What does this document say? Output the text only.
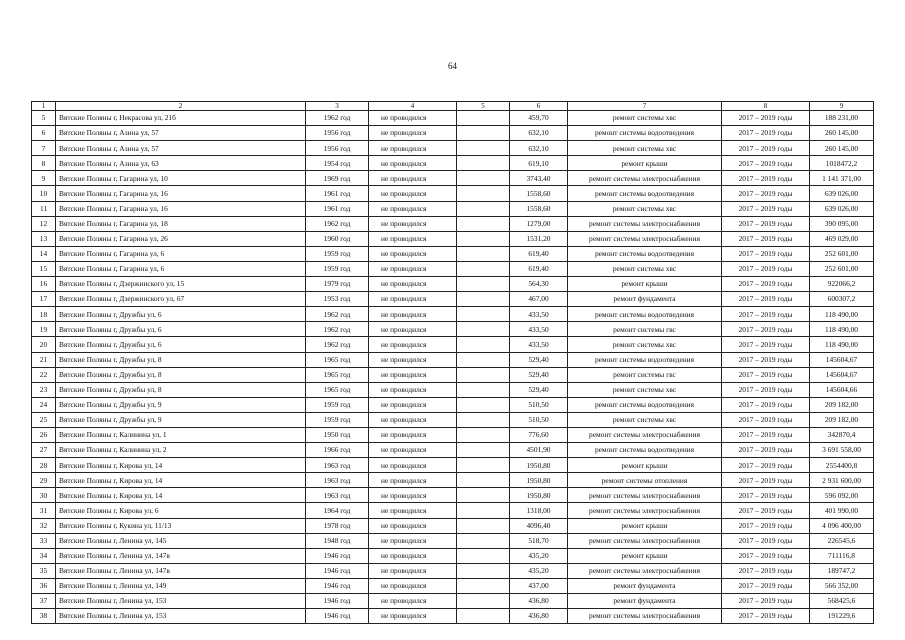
64
1	2	3	4	5	6	7	8	9
5	Вятские Поляны г, Некрасова ул, 21б	1962 год	не проводился		459,70	ремонт системы хвс	2017 – 2019 годы	188 231,00
6	Вятские Поляны г, Азина ул, 57	1956 год	не проводился		632,10	ремонт системы водоотведения	2017 – 2019 годы	260 145,00
7	Вятские Поляны г, Азина ул, 57	1956 год	не проводился		632,10	ремонт системы хвс	2017 – 2019 годы	260 145,00
8	Вятские Поляны г, Азина ул, 63	1954 год	не проводился		619,10	ремонт крыши	2017 – 2019 годы	1018472,2
9	Вятские Поляны г, Гагарина ул, 10	1969 год	не проводился		3743,40	ремонт системы электроснабжения	2017 – 2019 годы	1 141 371,00
10	Вятские Поляны г, Гагарина ул, 16	1961 год	не проводился		1558,60	ремонт системы водоотведения	2017 – 2019 годы	639 026,00
11	Вятские Поляны г, Гагарина ул, 16	1961 год	не проводился		1558,60	ремонт системы хвс	2017 – 2019 годы	639 026,00
12	Вятские Поляны г, Гагарина ул, 18	1962 год	не проводился		1279,00	ремонт системы электроснабжения	2017 – 2019 годы	390 095,00
13	Вятские Поляны г, Гагарина ул, 26	1960 год	не проводился		1531,20	ремонт системы электроснабжения	2017 – 2019 годы	469 029,00
14	Вятские Поляны г, Гагарина ул, 6	1959 год	не проводился		619,40	ремонт системы водоотведения	2017 – 2019 годы	252 601,00
15	Вятские Поляны г, Гагарина ул, 6	1959 год	не проводился		619,40	ремонт системы хвс	2017 – 2019 годы	252 601,00
16	Вятские Поляны г, Дзержинского ул, 15	1979 год	не проводился		564,30	ремонт крыши	2017 – 2019 годы	922066,2
17	Вятские Поляны г, Дзержинского ул, 67	1953 год	не проводился		467,00	ремонт фундамента	2017 – 2019 годы	600307,2
18	Вятские Поляны г, Дружбы ул, 6	1962 год	не проводился		433,50	ремонт системы водоотведения	2017 – 2019 годы	118 490,00
19	Вятские Поляны г, Дружбы ул, 6	1962 год	не проводился		433,50	ремонт системы гвс	2017 – 2019 годы	118 490,00
20	Вятские Поляны г, Дружбы ул, 6	1962 год	не проводился		433,50	ремонт системы хвс	2017 – 2019 годы	118 490,00
21	Вятские Поляны г, Дружбы ул, 8	1965 год	не проводился		529,40	ремонт системы водоотведения	2017 – 2019 годы	145604,67
22	Вятские Поляны г, Дружбы ул, 8	1965 год	не проводился		529,40	ремонт системы гвс	2017 – 2019 годы	145604,67
23	Вятские Поляны г, Дружбы ул, 8	1965 год	не проводился		529,40	ремонт системы хвс	2017 – 2019 годы	145604,66
24	Вятские Поляны г, Дружбы ул, 9	1959 год	не проводился		510,50	ремонт системы водоотведения	2017 – 2019 годы	209 182,00
25	Вятские Поляны г, Дружбы ул, 9	1959 год	не проводился		510,50	ремонт системы хвс	2017 – 2019 годы	209 182,00
26	Вятские Поляны г, Калинина ул, 1	1950 год	не проводился		776,60	ремонт системы электроснабжения	2017 – 2019 годы	342870,4
27	Вятские Поляны г, Калинина ул, 2	1966 год	не проводился		4501,90	ремонт системы водоотведения	2017 – 2019 годы	3 691 558,00
28	Вятские Поляны г, Кирова ул, 14	1963 год	не проводился		1950,80	ремонт крыши	2017 – 2019 годы	2554400,8
29	Вятские Поляны г, Кирова ул, 14	1963 год	не проводился		1950,80	ремонт системы отопления	2017 – 2019 годы	2 931 600,00
30	Вятские Поляны г, Кирова ул, 14	1963 год	не проводился		1950,80	ремонт системы электроснабжения	2017 – 2019 годы	596 092,00
31	Вятские Поляны г, Кирова ул, 6	1964 год	не проводился		1318,00	ремонт системы электроснабжения	2017 – 2019 годы	401 990,00
32	Вятские Поляны г, Кукина ул, 11/13	1978 год	не проводился		4096,40	ремонт крыши	2017 – 2019 годы	4 096 400,00
33	Вятские Поляны г, Ленина ул, 145	1948 год	не проводился		518,70	ремонт системы электроснабжения	2017 – 2019 годы	226545,6
34	Вятские Поляны г, Ленина ул, 147в	1946 год	не проводился		435,20	ремонт крыши	2017 – 2019 годы	711116,8
35	Вятские Поляны г, Ленина ул, 147в	1946 год	не проводился		435,20	ремонт системы электроснабжения	2017 – 2019 годы	189747,2
36	Вятские Поляны г, Ленина ул, 149	1946 год	не проводился		437,00	ремонт фундамента	2017 – 2019 годы	566 352,00
37	Вятские Поляны г, Ленина ул, 153	1946 год	не проводился		436,80	ремонт фундамента	2017 – 2019 годы	568425,6
38	Вятские Поляны г, Ленина ул, 153	1946 год	не проводился		436,80	ремонт системы электроснабжения	2017 – 2019 годы	191229,6
